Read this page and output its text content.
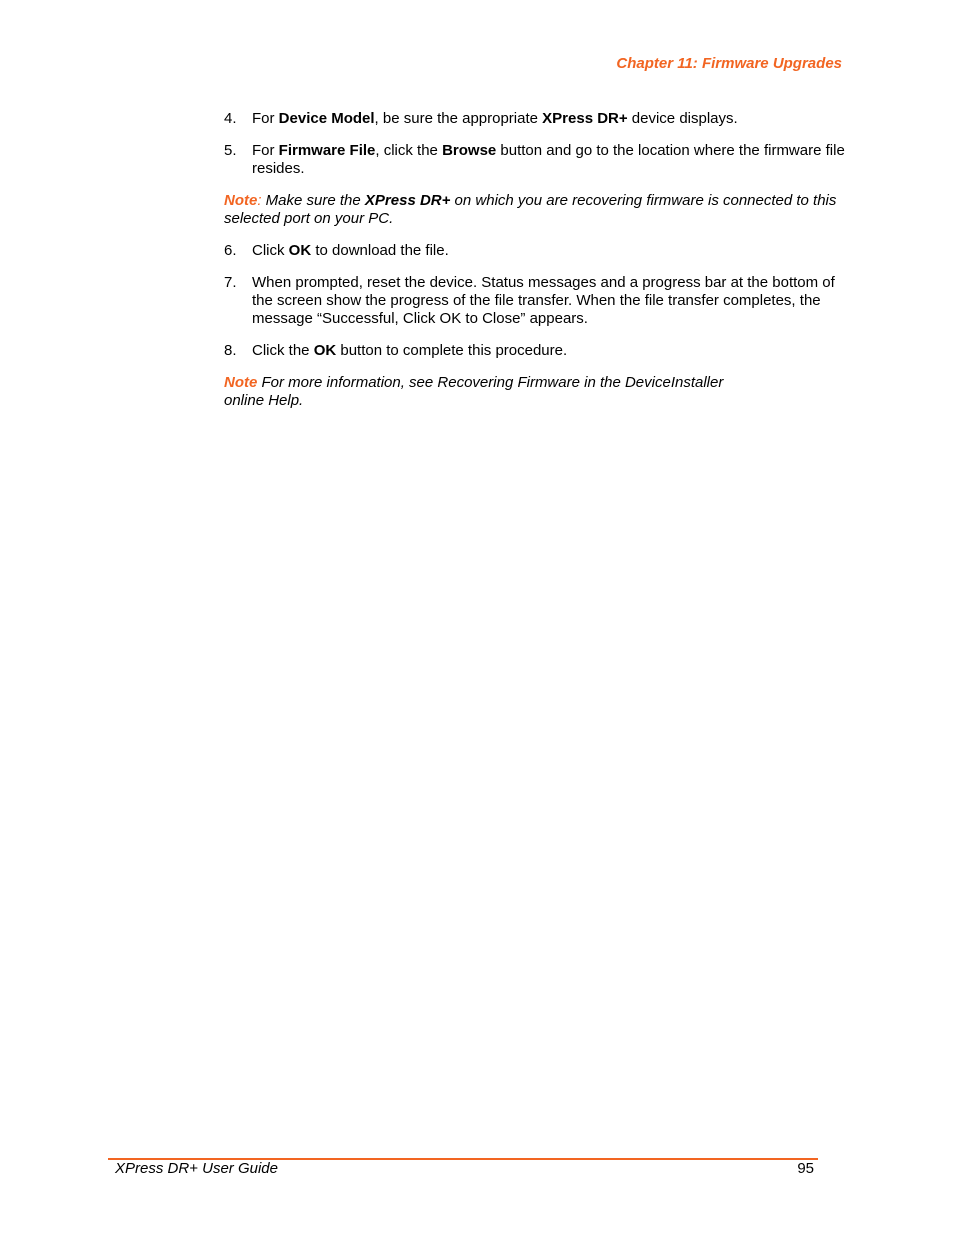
Chapter 11: Firmware Upgrades
4. For Device Model, be sure the appropriate XPress DR+ device displays.
5. For Firmware File, click the Browse button and go to the location where the firmware file resides.
Note: Make sure the XPress DR+ on which you are recovering firmware is connected to this selected port on your PC.
6. Click OK to download the file.
7. When prompted, reset the device. Status messages and a progress bar at the bottom of the screen show the progress of the file transfer. When the file transfer completes, the message “Successful, Click OK to Close” appears.
8. Click the OK button to complete this procedure.
Note For more information, see Recovering Firmware in the DeviceInstaller
online Help.
XPress DR+ User Guide	95
